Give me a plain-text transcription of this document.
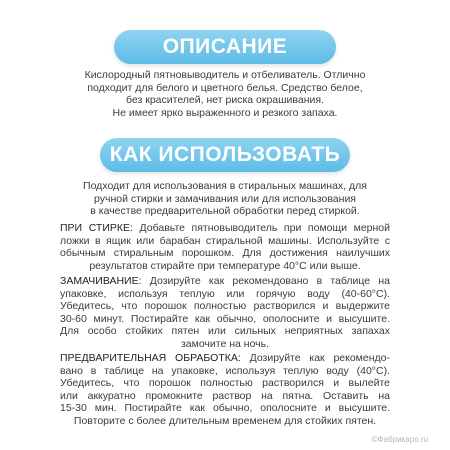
ОПИСАНИЕ
Кислородный пятновыводитель и отбеливатель. Отлично
подходит для белого и цветного белья. Средство белое,
без красителей, нет риска окрашивания.
Не имеет ярко выраженного и резкого запаха.
КАК ИСПОЛЬЗОВАТЬ
Подходит для использования в стиральных машинах, для
ручной стирки и замачивания или для использования
в качестве предварительной обработки перед стиркой.
ПРИ СТИРКЕ: Добавьте пятновыводитель при помощи мерной
ложки в ящик или барабан стиральной машины. Используйте с
обычным стиральным порошком. Для достижения наилучших
результатов стирайте при температуре 40°С или выше.
ЗАМАЧИВАНИЕ: Дозируйте как рекомендовано в таблице на
упаковке, используя теплую или горячую воду (40-60°С).
Убедитесь, что порошок полностью растворился и выдержите
30-60 минут. Постирайте как обычно, ополосните и высушите.
Для особо стойких пятен или сильных неприятных запахах
замочите на ночь.
ПРЕДВАРИТЕЛЬНАЯ ОБРАБОТКА: Дозируйте как рекомендо-
вано в таблице на упаковке, используя теплую воду (40°С).
Убедитесь, что порошок полностью растворился и вылейте
или аккуратно промокните раствор на пятна. Оставить на
15-30 мин. Постирайте как обычно, ополосните и высушите.
Повторите с более длительным временем для стойких пятен.
©Фабрикаро.ru
